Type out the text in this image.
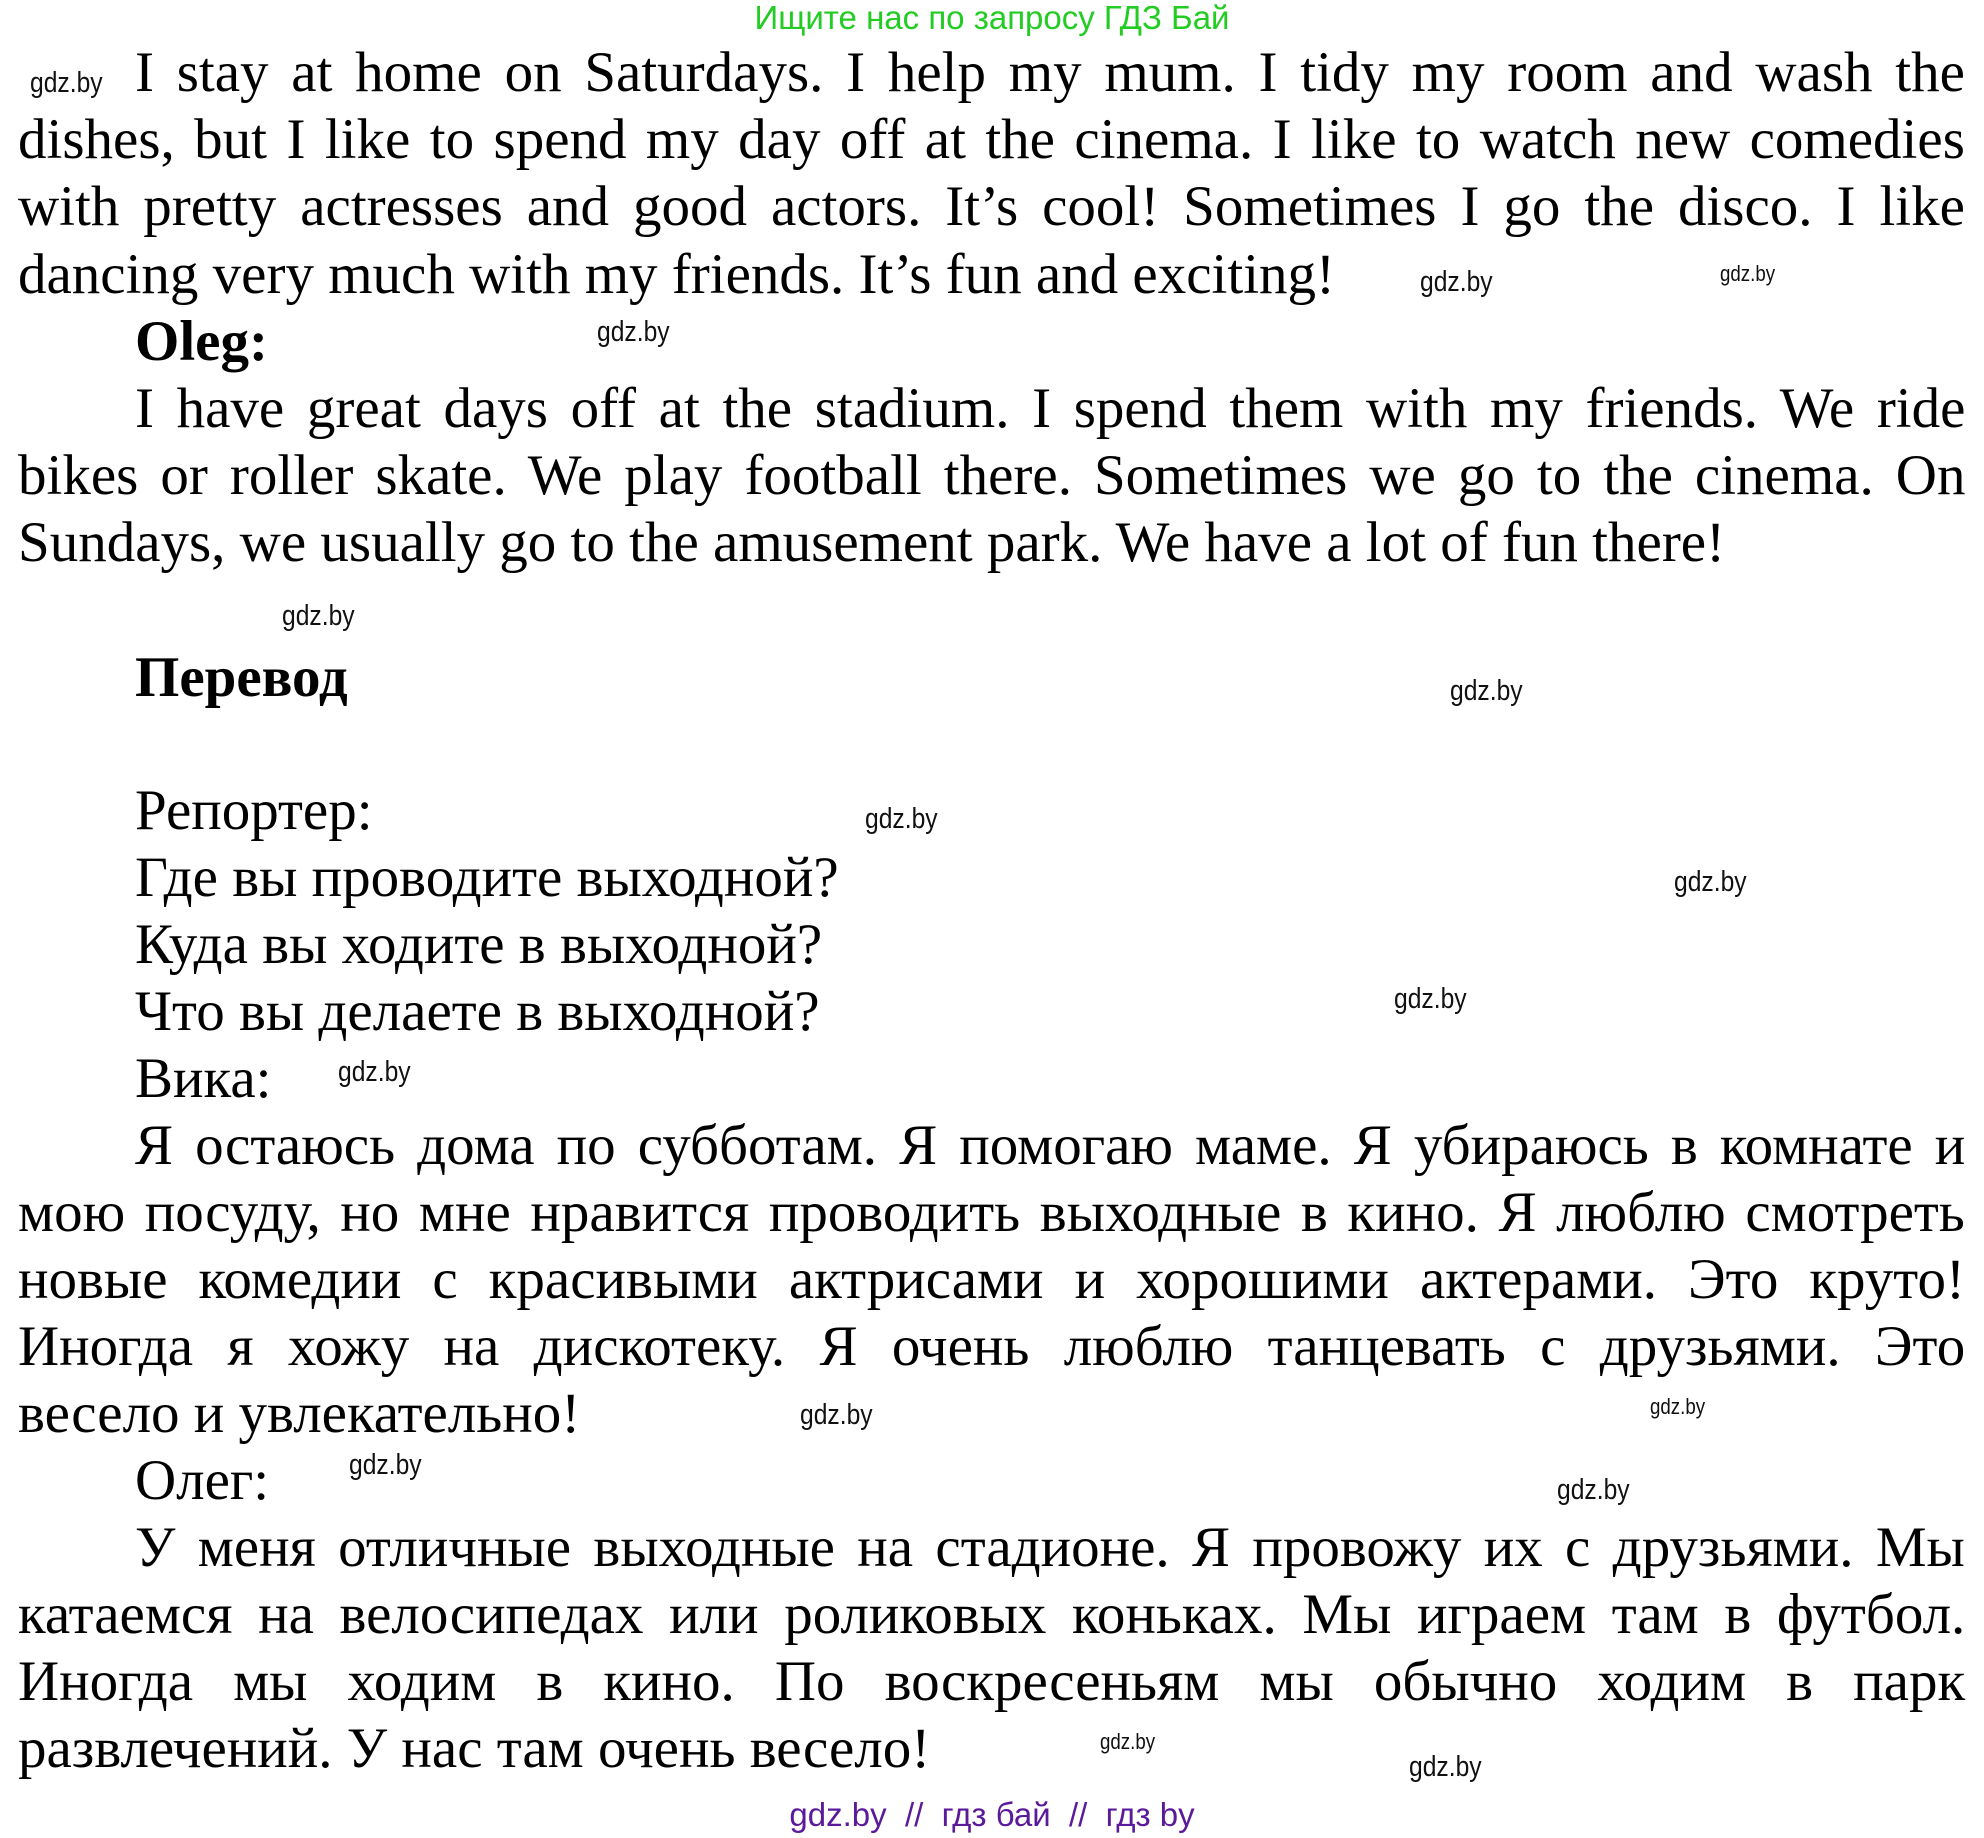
Ищите нас по запросу ГДЗ Бай
I stay at home on Saturdays. I help my mum. I tidy my room and wash the
dishes, but I like to spend my day off at the cinema. I like to watch new comedies
with pretty actresses and good actors. It’s cool! Sometimes I go the disco. I like
dancing very much with my friends. It’s fun and exciting!
Oleg:
I have great days off at the stadium. I spend them with my friends. We ride
bikes or roller skate. We play football there. Sometimes we go to the cinema. On
Sundays, we usually go to the amusement park. We have a lot of fun there!
Перевод
Репортер:
Где вы проводите выходной?
Куда вы ходите в выходной?
Что вы делаете в выходной?
Вика:
Я остаюсь дома по субботам. Я помогаю маме. Я убираюсь в комнате и
мою посуду, но мне нравится проводить выходные в кино. Я люблю смотреть
новые комедии с красивыми актрисами и хорошими актерами. Это круто!
Иногда я хожу на дискотеку. Я очень люблю танцевать с друзьями. Это
весело и увлекательно!
Олег:
У меня отличные выходные на стадионе. Я провожу их с друзьями. Мы
катаемся на велосипедах или роликовых коньках. Мы играем там в футбол.
Иногда мы ходим в кино. По воскресеньям мы обычно ходим в парк
развлечений. У нас там очень весело!
gdz.by
gdz.by
gdz.by
gdz.by
gdz.by
gdz.by
gdz.by
gdz.by
gdz.by
gdz.by
gdz.by
gdz.by
gdz.by
gdz.by
gdz.by
gdz.by
gdz.by  //  гдз бай  //  гдз by
